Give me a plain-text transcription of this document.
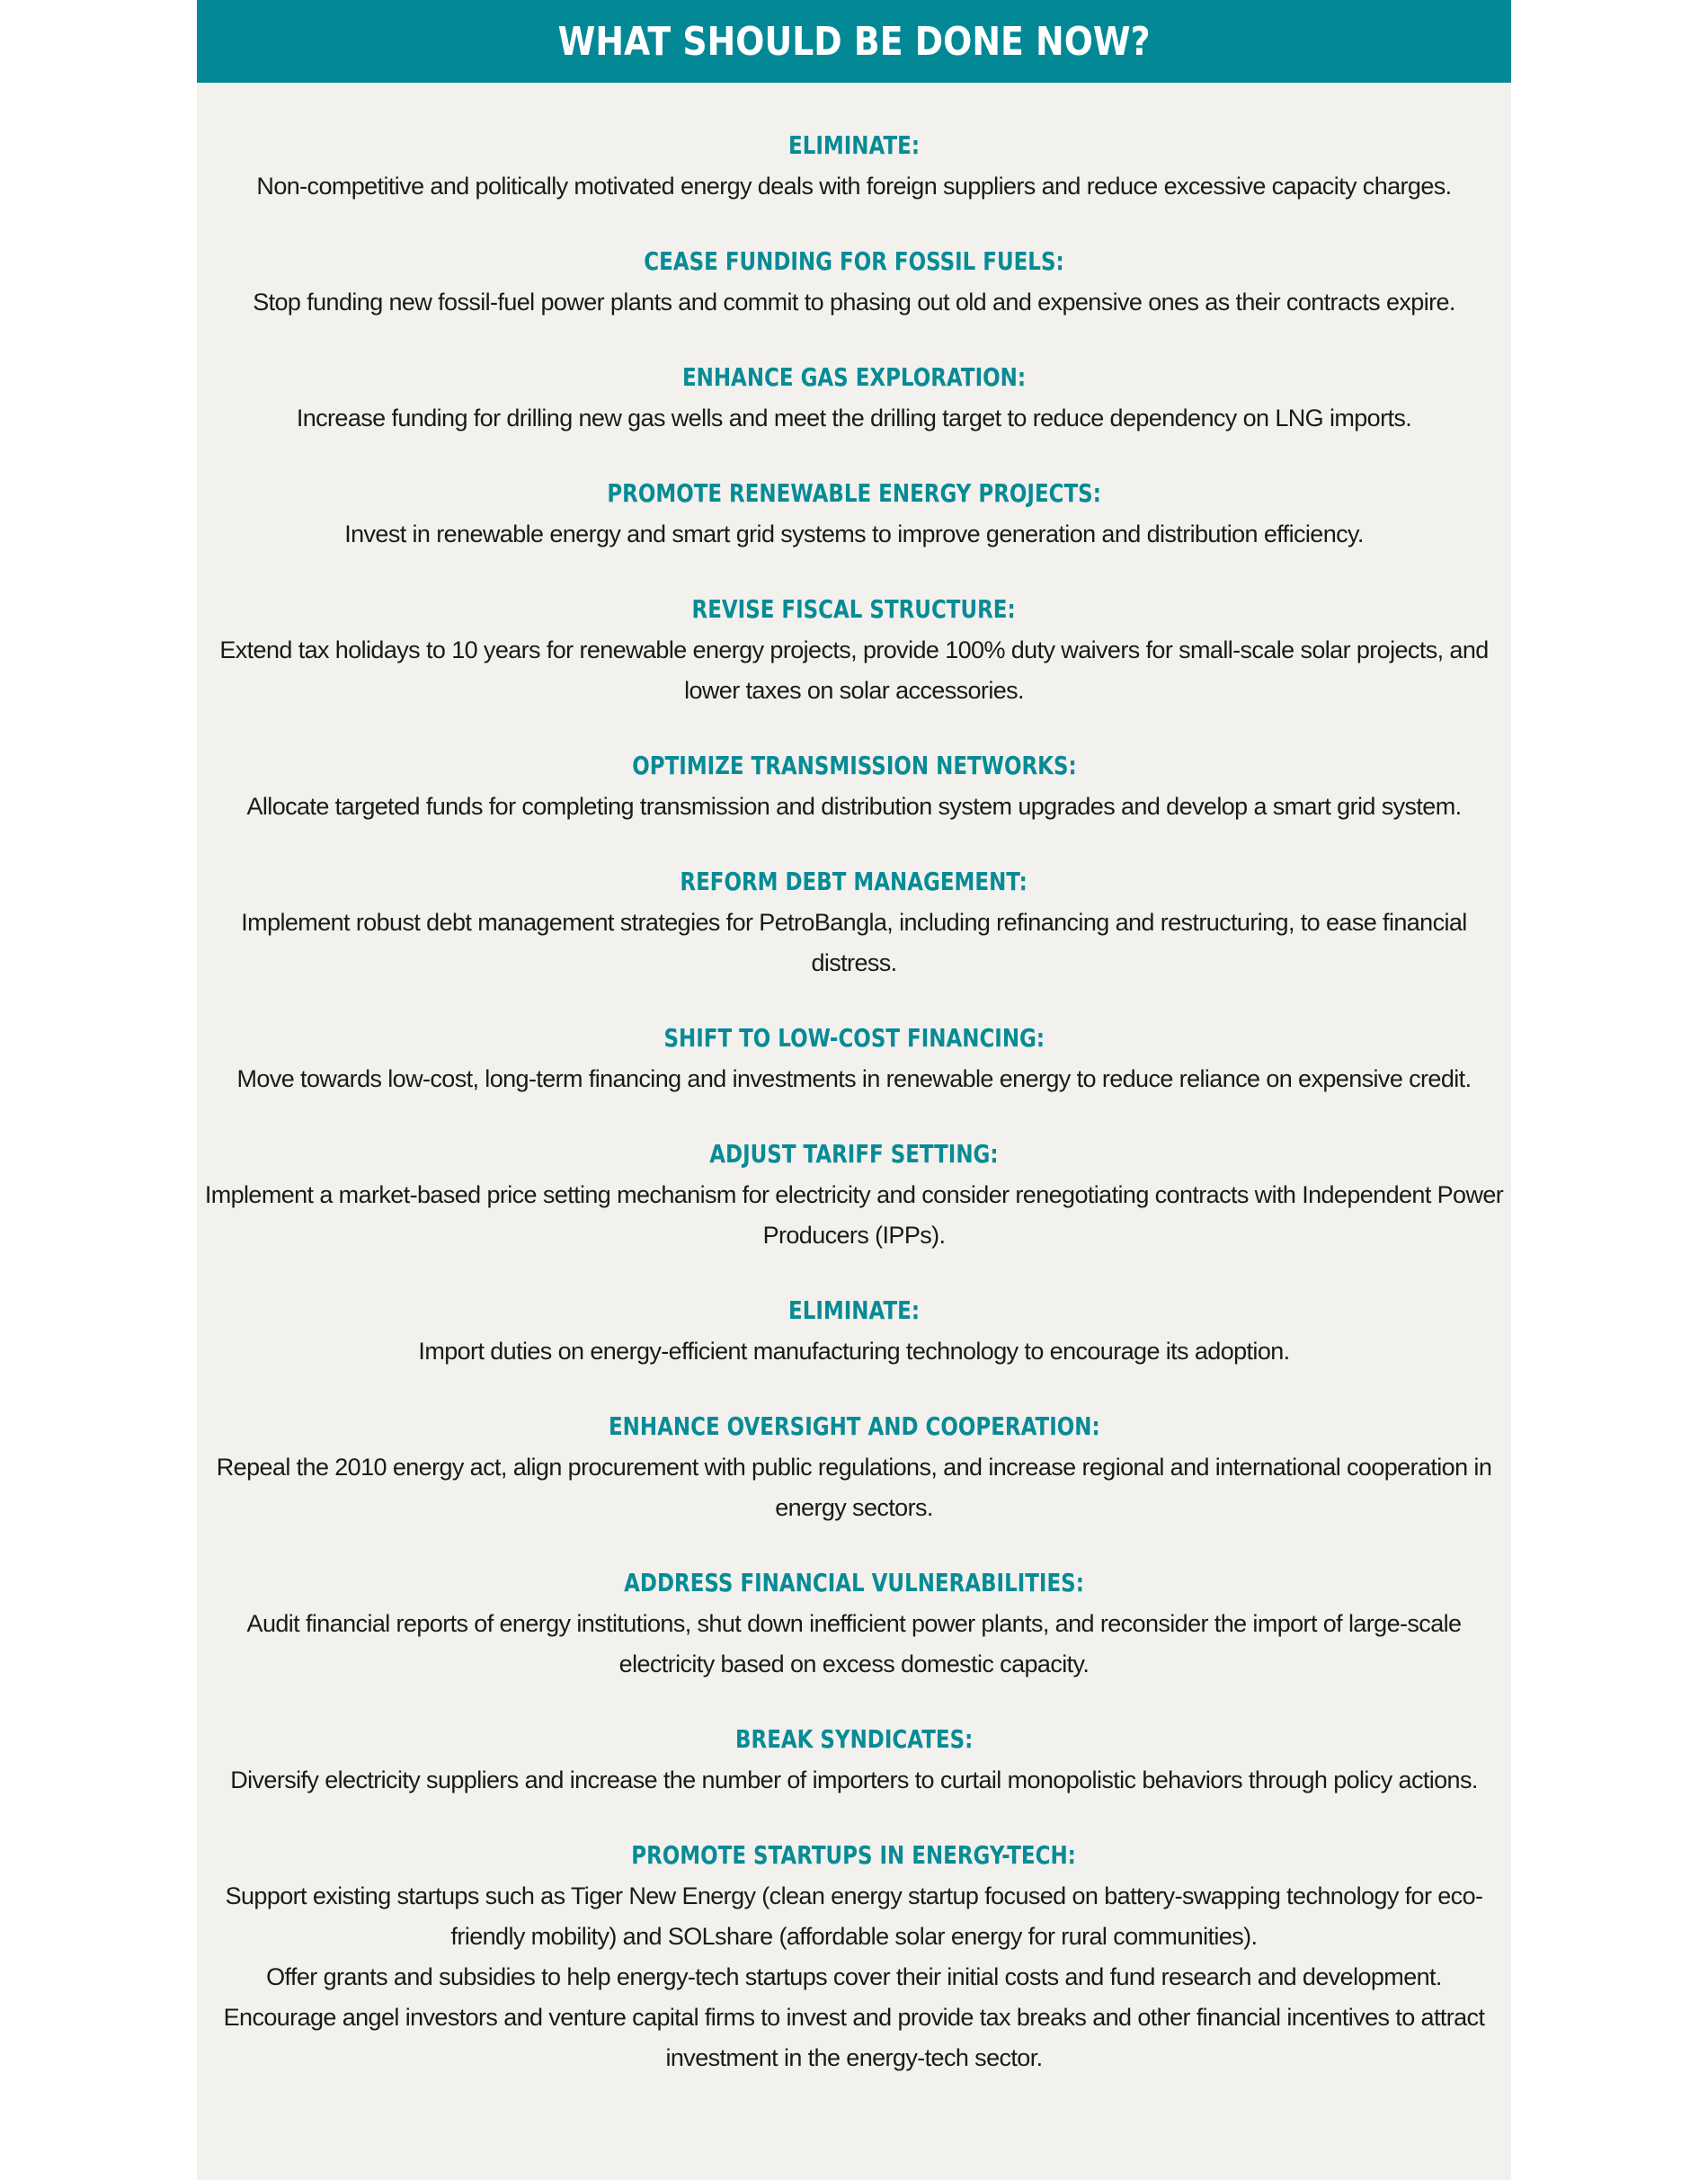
WHAT SHOULD BE DONE NOW?
ELIMINATE:

Non-competitive and politically motivated energy deals with foreign suppliers and reduce excessive capacity charges.

CEASE FUNDING FOR FOSSIL FUELS:

Stop funding new fossil-fuel power plants and commit to phasing out old and expensive ones as their contracts expire.

ENHANCE GAS EXPLORATION:

Increase funding for drilling new gas wells and meet the drilling target to reduce dependency on LNG imports.

PROMOTE RENEWABLE ENERGY PROJECTS:

Invest in renewable energy and smart grid systems to improve generation and distribution efficiency.

REVISE FISCAL STRUCTURE:

Extend tax holidays to 10 years for renewable energy projects, provide 100% duty waivers for small-scale solar projects, and lower taxes on solar accessories.

OPTIMIZE TRANSMISSION NETWORKS:

Allocate targeted funds for completing transmission and distribution system upgrades and develop a smart grid system.

REFORM DEBT MANAGEMENT:

Implement robust debt management strategies for PetroBangla, including refinancing and restructuring, to ease financial distress.

SHIFT TO LOW-COST FINANCING:

Move towards low-cost, long-term financing and investments in renewable energy to reduce reliance on expensive credit.

ADJUST TARIFF SETTING:

Implement a market-based price setting mechanism for electricity and consider renegotiating contracts with Independent Power Producers (IPPs).

ELIMINATE:

Import duties on energy-efficient manufacturing technology to encourage its adoption.

ENHANCE OVERSIGHT AND COOPERATION:

Repeal the 2010 energy act, align procurement with public regulations, and increase regional and international cooperation in energy sectors.

ADDRESS FINANCIAL VULNERABILITIES:

Audit financial reports of energy institutions, shut down inefficient power plants, and reconsider the import of large-scale electricity based on excess domestic capacity.

BREAK SYNDICATES:

Diversify electricity suppliers and increase the number of importers to curtail monopolistic behaviors through policy actions.

PROMOTE STARTUPS IN ENERGY-TECH:

Support existing startups such as Tiger New Energy (clean energy startup focused on battery-swapping technology for eco-friendly mobility) and SOLshare (affordable solar energy for rural communities).

Offer grants and subsidies to help energy-tech startups cover their initial costs and fund research and development.

Encourage angel investors and venture capital firms to invest and provide tax breaks and other financial incentives to attract investment in the energy-tech sector.
